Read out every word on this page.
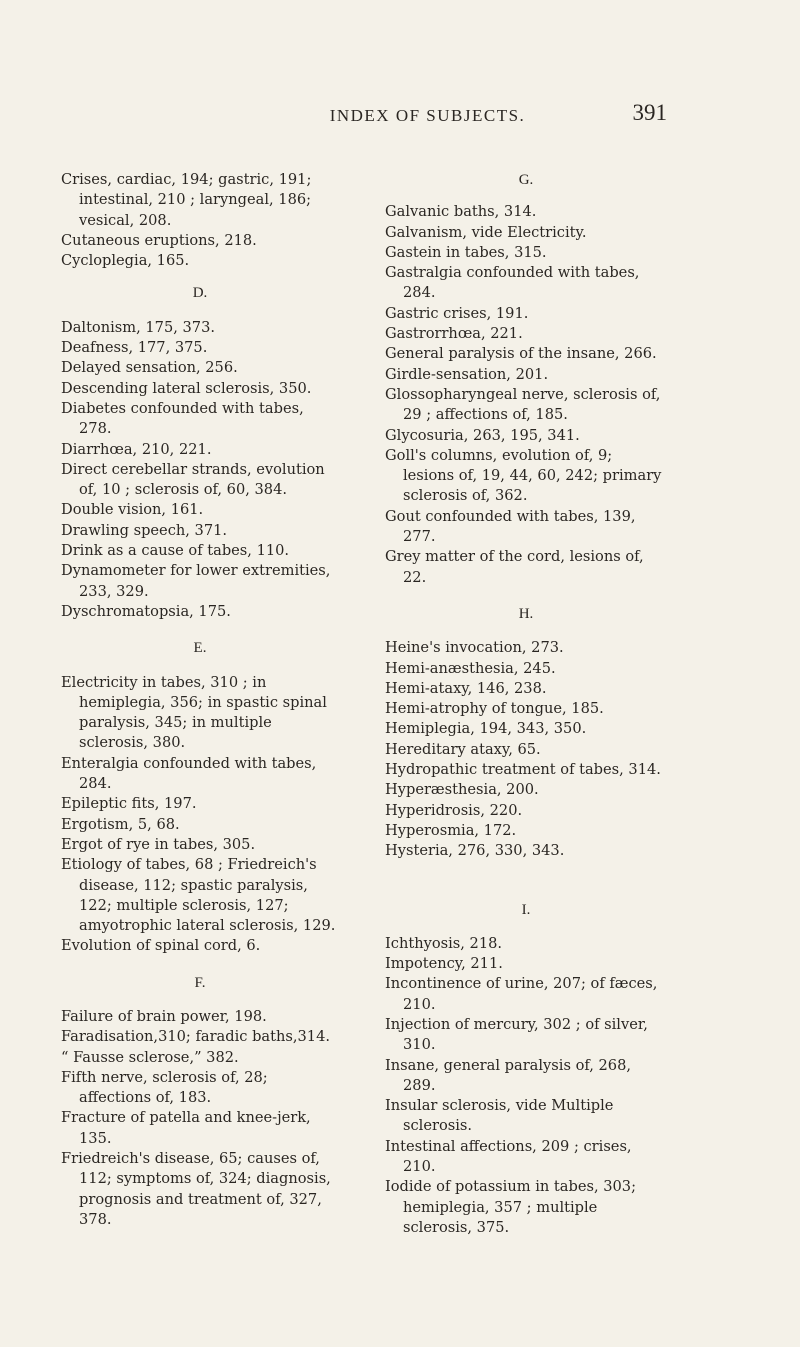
INDEX OF SUBJECTS.	391

Crises, cardiac, 194; gastric, 191; intestinal, 210 ; laryngeal, 186; vesical, 208.

Cutaneous eruptions, 218.

Cycloplegia, 165.

D.

Daltonism, 175, 373.

Deafness, 177, 375.

Delayed sensation, 256.

Descending lateral sclerosis, 350.

Diabetes confounded with tabes, 278.

Diarrhœa, 210, 221.

Direct cerebellar strands, evolution of, 10 ; sclerosis of, 60, 384.

Double vision, 161.

Drawling speech, 371.

Drink as a cause of tabes, 110.

Dynamometer for lower extremities, 233, 329.

Dyschromatopsia, 175.

E.

Electricity in tabes, 310 ; in hemiplegia, 356; in spastic spinal paralysis, 345; in multiple sclerosis, 380.

Enteralgia confounded with tabes, 284.

Epileptic fits, 197.

Ergotism, 5, 68.

Ergot of rye in tabes, 305.

Etiology of tabes, 68 ; Friedreich's disease, 112; spastic paralysis, 122; multiple sclerosis, 127; amyotrophic lateral sclerosis, 129.

Evolution of spinal cord, 6.

F.

Failure of brain power, 198.

Faradisation,310; faradic baths,314.

“ Fausse sclerose,” 382.

Fifth nerve, sclerosis of, 28; affections of, 183.

Fracture of patella and knee-jerk, 135.

Friedreich's disease, 65; causes of, 112; symptoms of, 324; diagnosis, prognosis and treatment of, 327, 378.

G.

Galvanic baths, 314.

Galvanism, vide Electricity.

Gastein in tabes, 315.

Gastralgia confounded with tabes, 284.

Gastric crises, 191.

Gastrorrhœa, 221.

General paralysis of the insane, 266.

Girdle-sensation, 201.

Glossopharyngeal nerve, sclerosis of, 29 ; affections of, 185.

Glycosuria, 263, 195, 341.

Goll's columns, evolution of, 9; lesions of, 19, 44, 60, 242; primary sclerosis of, 362.

Gout confounded with tabes, 139, 277.

Grey matter of the cord, lesions of, 22.

H.

Heine's invocation, 273.

Hemi-anæsthesia, 245.

Hemi-ataxy, 146, 238.

Hemi-atrophy of tongue, 185.

Hemiplegia, 194, 343, 350.

Hereditary ataxy, 65.

Hydropathic treatment of tabes, 314.

Hyperæsthesia, 200.

Hyperidrosis, 220.

Hyperosmia, 172.

Hysteria, 276, 330, 343.

I.

Ichthyosis, 218.

Impotency, 211.

Incontinence of urine, 207; of fæces, 210.

Injection of mercury, 302 ; of silver, 310.

Insane, general paralysis of, 268, 289.

Insular sclerosis, vide Multiple sclerosis.

Intestinal affections, 209 ; crises, 210.

Iodide of potassium in tabes, 303; hemiplegia, 357 ; multiple sclerosis, 375.
